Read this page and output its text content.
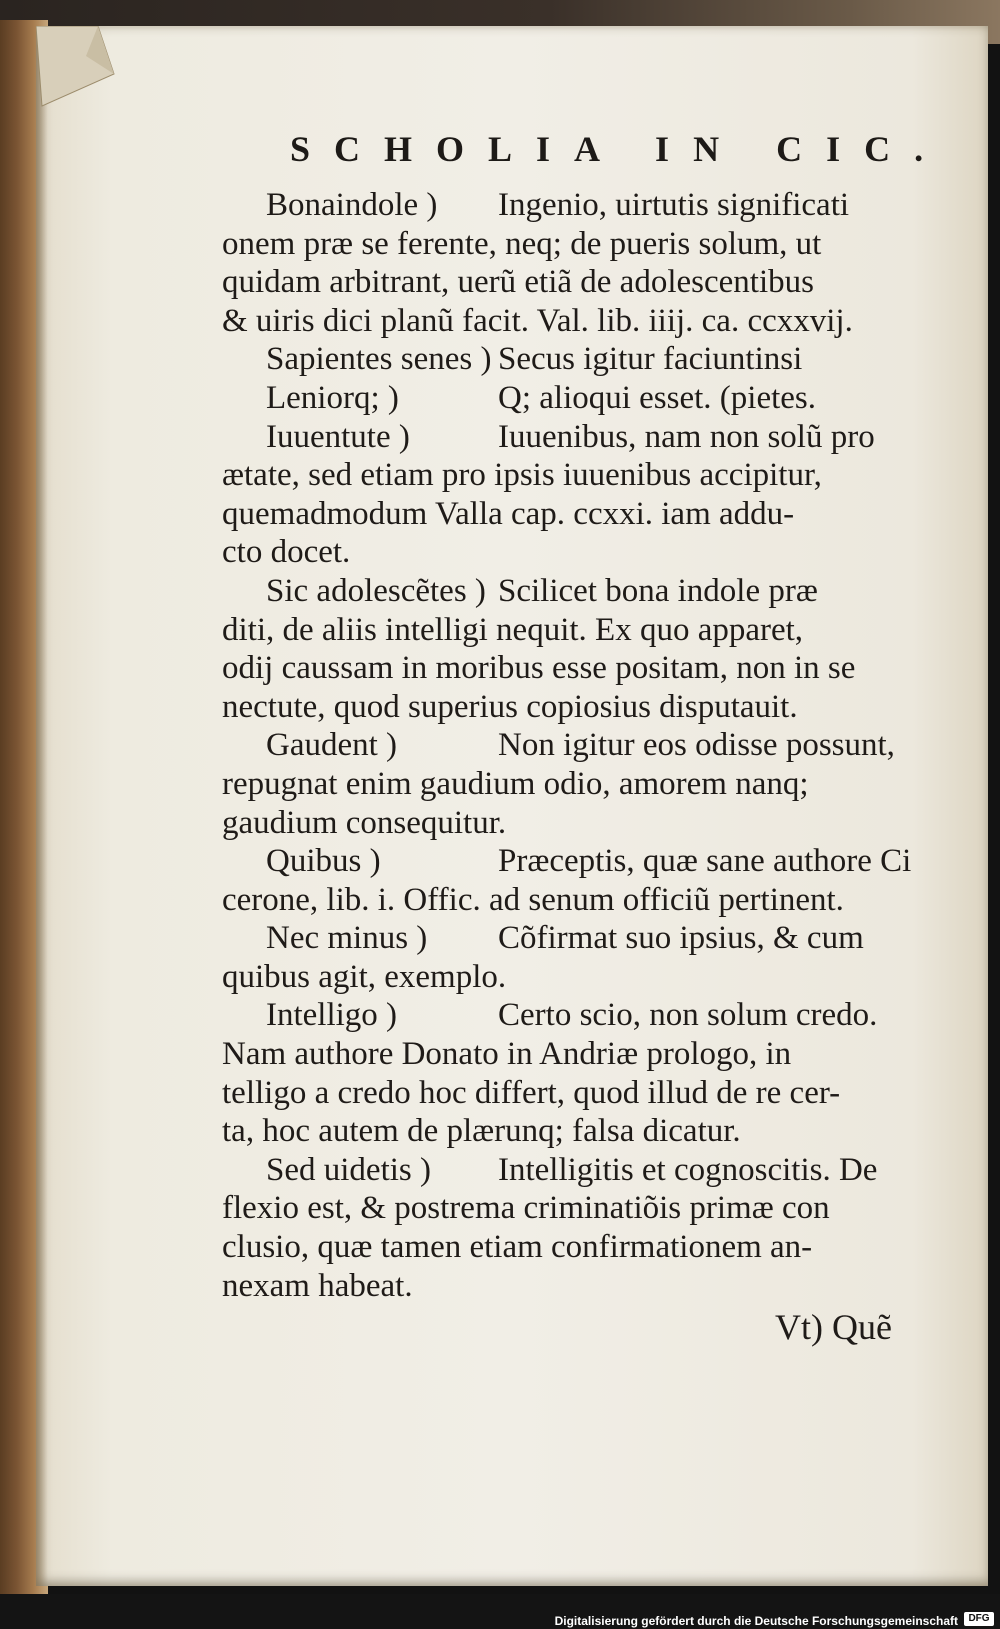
SCHOLIA IN CIC.
Bonaindole ) Ingenio, uirtutis significati
onem præ se ferente, neq; de pueris solum, ut
quidam arbitrant, uerũ etiã de adolescentibus
& uiris dici planũ facit. Val. lib. iiij. ca. ccxxvij.
Sapientes senes ) Secus igitur faciuntinsi
Leniorq; )	Q; alioqui esset. (pietes.
Iuuentute )	Iuuenibus, nam non solũ pro
ætate, sed etiam pro ipsis iuuenibus accipitur,
quemadmodum Valla cap. ccxxi. iam addu-
cto docet.
Sic adolescẽtes ) Scilicet bona indole præ
diti, de aliis intelligi nequit. Ex quo apparet,
odij caussam in moribus esse positam, non in se
nectute, quod superius copiosius disputauit.
Gaudent )	Non igitur eos odisse possunt,
repugnat enim gaudium odio, amorem nanq;
gaudium consequitur.
Quibus )	Præceptis, quæ sane authore Ci
cerone, lib. i. Offic. ad senum officiũ pertinent.
Nec minus ) Cõfirmat suo ipsius, & cum
quibus agit, exemplo.
Intelligo )	Certo scio, non solum credo.
Nam authore Donato in Andriæ prologo, in
telligo a credo hoc differt, quod illud de re cer-
ta, hoc autem de plærunq; falsa dicatur.
Sed uidetis ) Intelligitis et cognoscitis. De
flexio est, & postrema criminatiõis primæ con
clusio, quæ tamen etiam confirmationem an-
nexam habeat.
Vt) Quẽ
Digitalisierung gefördert durch die Deutsche Forschungsgemeinschaft	DFG
